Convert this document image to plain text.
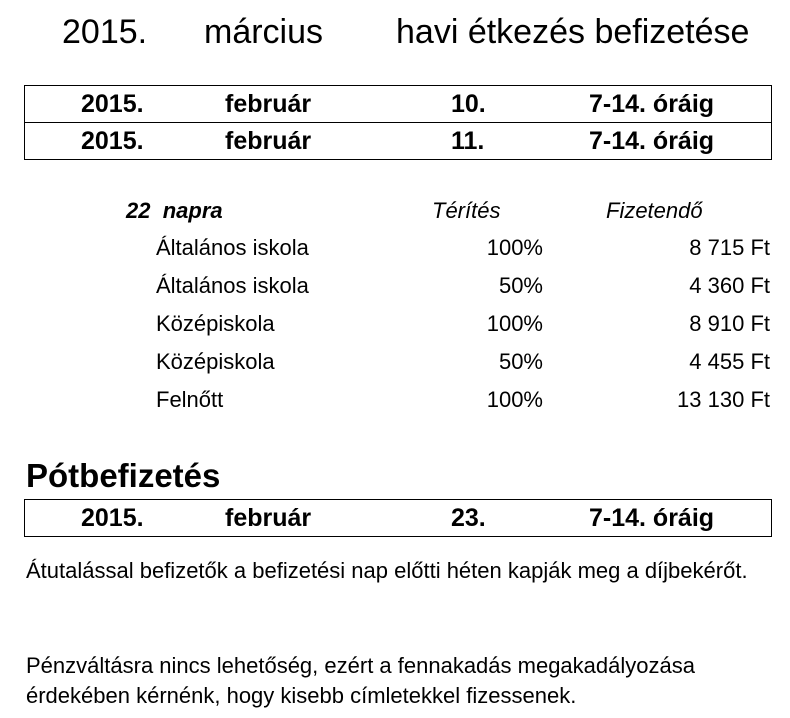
2015. március havi étkezés befizetése
2015.	február	10.	7-14. óráig
2015.	február	11.	7-14. óráig
22 napra	Térítés	Fizetendő
Általános iskola	100%	8 715 Ft
Általános iskola	50%	4 360 Ft
Középiskola	100%	8 910 Ft
Középiskola	50%	4 455 Ft
Felnőtt	100%	13 130 Ft
Pótbefizetés
2015.	február	23.	7-14. óráig
Átutalással befizetők a befizetési nap előtti héten kapják meg a díjbekérőt.
Pénzváltásra nincs lehetőség, ezért a fennakadás megakadályozása érdekében kérnénk, hogy kisebb címletekkel fizessenek.
